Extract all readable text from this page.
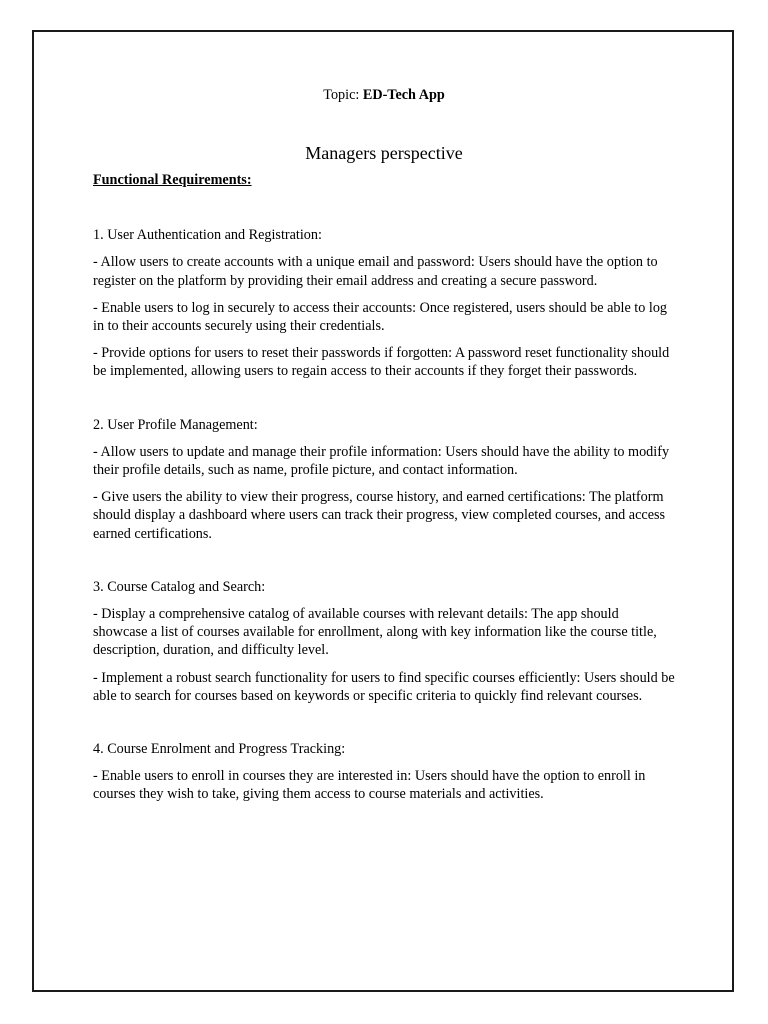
Topic: ED-Tech App

Managers perspective

Functional Requirements:

1. User Authentication and Registration:

- Allow users to create accounts with a unique email and password: Users should have the option to register on the platform by providing their email address and creating a secure password.

- Enable users to log in securely to access their accounts: Once registered, users should be able to log in to their accounts securely using their credentials.

- Provide options for users to reset their passwords if forgotten: A password reset functionality should be implemented, allowing users to regain access to their accounts if they forget their passwords.

2. User Profile Management:

- Allow users to update and manage their profile information: Users should have the ability to modify their profile details, such as name, profile picture, and contact information.

- Give users the ability to view their progress, course history, and earned certifications: The platform should display a dashboard where users can track their progress, view completed courses, and access earned certifications.

3. Course Catalog and Search:

- Display a comprehensive catalog of available courses with relevant details: The app should showcase a list of courses available for enrollment, along with key information like the course title, description, duration, and difficulty level.

- Implement a robust search functionality for users to find specific courses efficiently: Users should be able to search for courses based on keywords or specific criteria to quickly find relevant courses.

4. Course Enrolment and Progress Tracking:

- Enable users to enroll in courses they are interested in: Users should have the option to enroll in courses they wish to take, giving them access to course materials and activities.
